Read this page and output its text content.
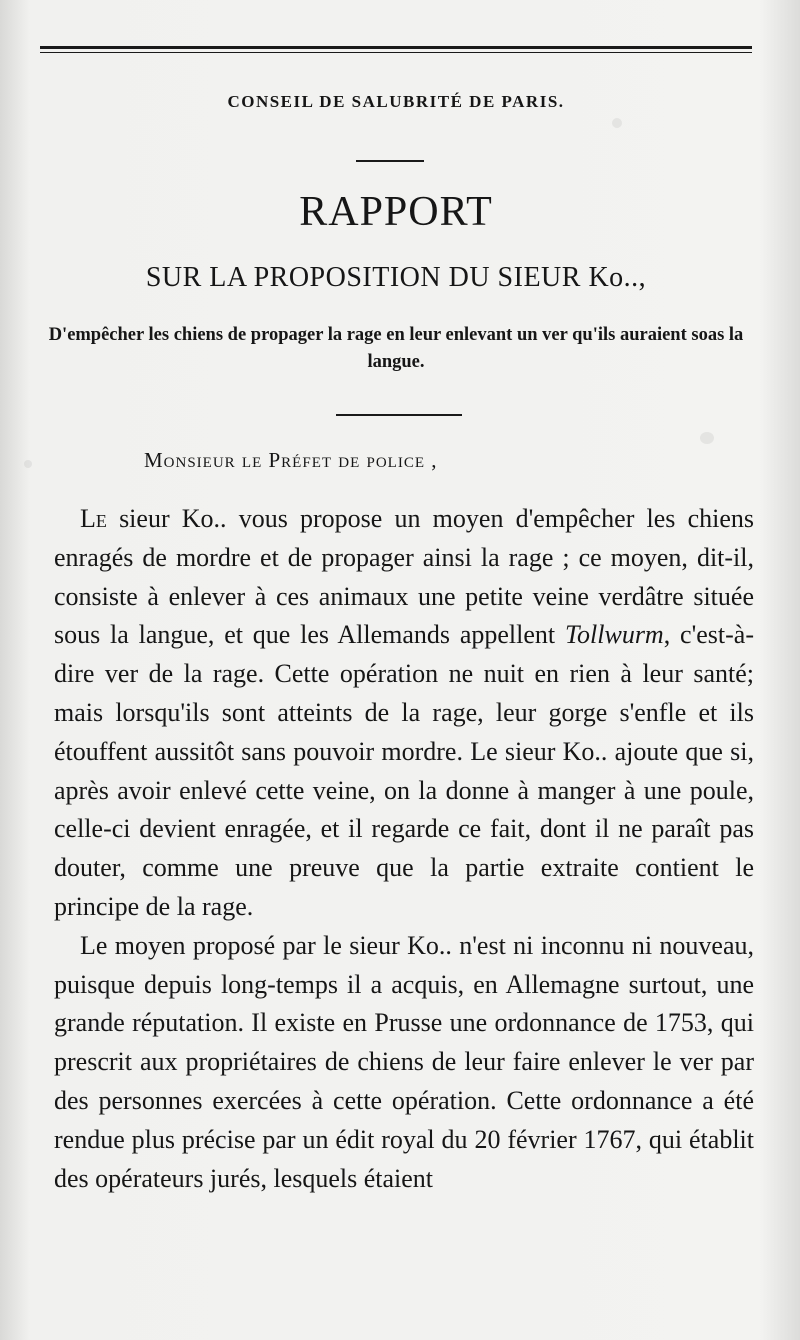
CONSEIL DE SALUBRITÉ DE PARIS.
RAPPORT
SUR LA PROPOSITION DU SIEUR Ko..,
D'empêcher les chiens de propager la rage en leur enlevant un ver qu'ils auraient soas la langue.
Monsieur le Préfet de police ,

Le sieur Ko.. vous propose un moyen d'empêcher les chiens enragés de mordre et de propager ainsi la rage ; ce moyen, dit-il, consiste à enlever à ces animaux une petite veine verdâtre située sous la langue, et que les Allemands appellent Tollwurm, c'est-à-dire ver de la rage. Cette opération ne nuit en rien à leur santé; mais lorsqu'ils sont atteints de la rage, leur gorge s'enfle et ils étouffent aussitôt sans pouvoir mordre. Le sieur Ko.. ajoute que si, après avoir enlevé cette veine, on la donne à manger à une poule, celle-ci devient enragée, et il regarde ce fait, dont il ne paraît pas douter, comme une preuve que la partie extraite contient le principe de la rage.

Le moyen proposé par le sieur Ko.. n'est ni inconnu ni nouveau, puisque depuis long-temps il a acquis, en Allemagne surtout, une grande réputation. Il existe en Prusse une ordonnance de 1753, qui prescrit aux propriétaires de chiens de leur faire enlever le ver par des personnes exercées à cette opération. Cette ordonnance a été rendue plus précise par un édit royal du 20 février 1767, qui établit des opérateurs jurés, lesquels étaient
